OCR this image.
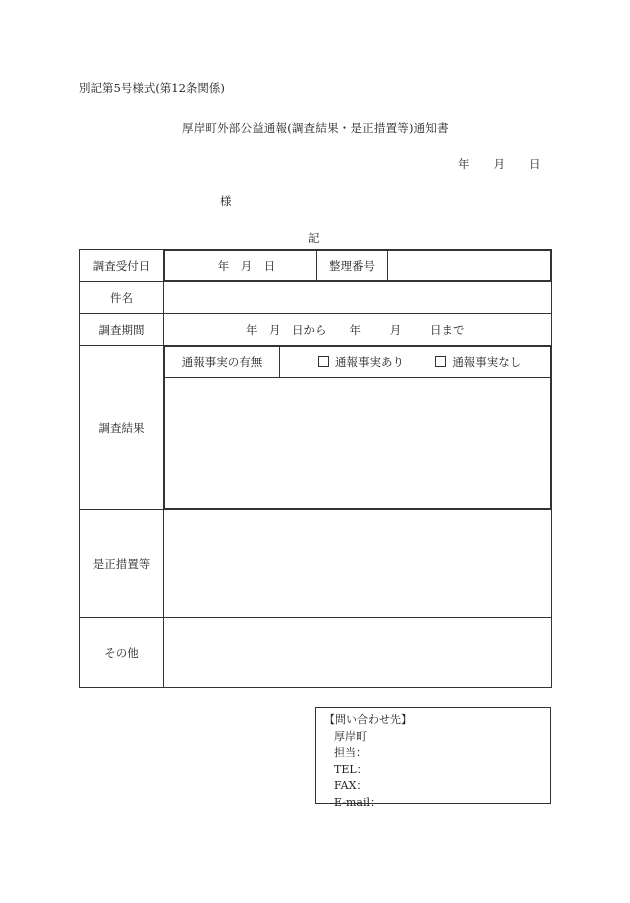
別記第5号様式(第12条関係)
厚岸町外部公益通報(調査結果・是正措置等)通知書
年 月 日
様
記
調査受付日		年  月  日	整理番号	

件名	
調査期間	年  月  日から   年   	月   	日まで
調査結果	
通報事実の有無	通報事実あり	通報事実なし

是正措置等	
その他	
【問い合わせ先】
厚岸町
担当：
TEL：
FAX：
E-mail：
